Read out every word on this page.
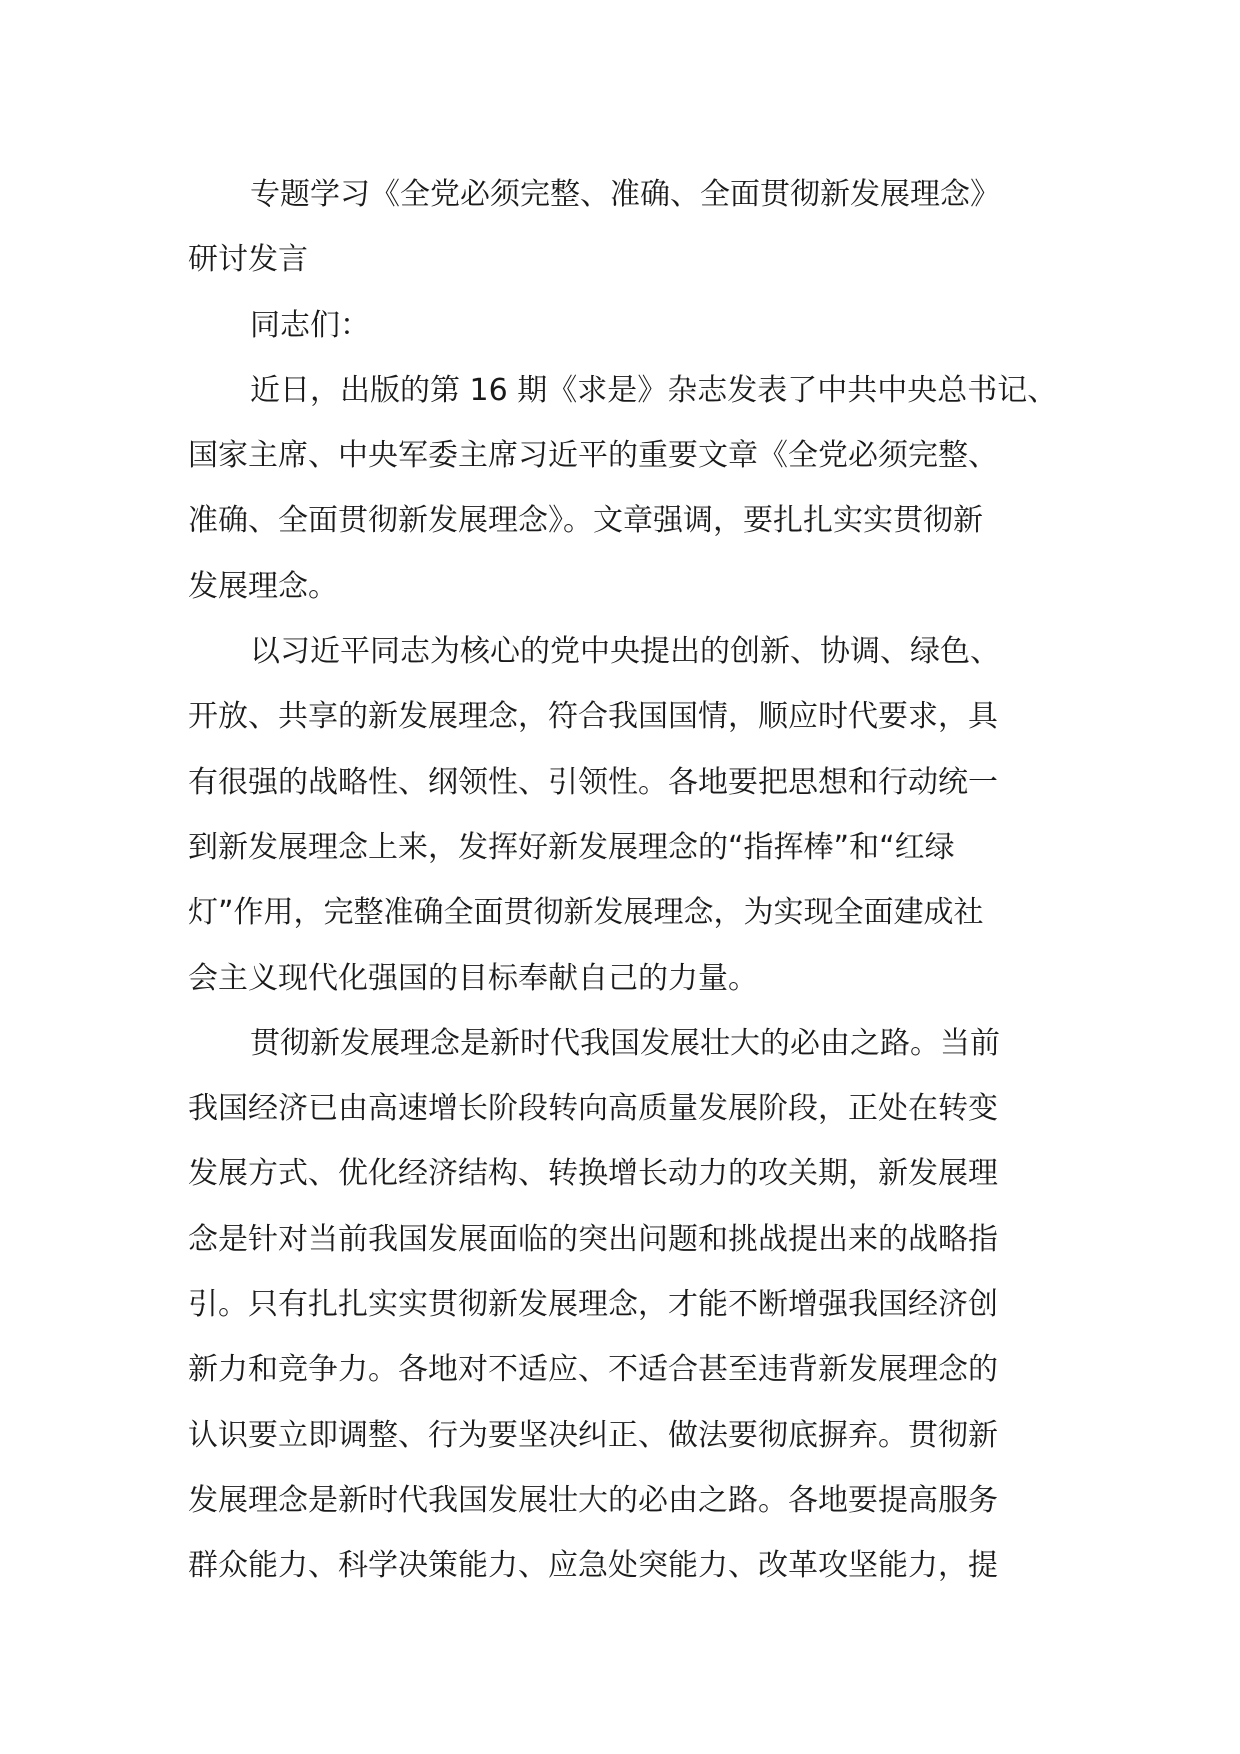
专题学习《全党必须完整、准确、全面贯彻新发展理念》
研讨发言
同志们：
近日，出版的第 16 期《求是》杂志发表了中共中央总书记、
国家主席、中央军委主席习近平的重要文章《全党必须完整、
准确、全面贯彻新发展理念》。文章强调，要扎扎实实贯彻新
发展理念。
以习近平同志为核心的党中央提出的创新、协调、绿色、
开放、共享的新发展理念，符合我国国情，顺应时代要求，具
有很强的战略性、纲领性、引领性。各地要把思想和行动统一
到新发展理念上来，发挥好新发展理念的“指挥棒”和“红绿
灯”作用，完整准确全面贯彻新发展理念，为实现全面建成社
会主义现代化强国的目标奉献自己的力量。
贯彻新发展理念是新时代我国发展壮大的必由之路。当前
我国经济已由高速增长阶段转向高质量发展阶段，正处在转变
发展方式、优化经济结构、转换增长动力的攻关期，新发展理
念是针对当前我国发展面临的突出问题和挑战提出来的战略指
引。只有扎扎实实贯彻新发展理念，才能不断增强我国经济创
新力和竞争力。各地对不适应、不适合甚至违背新发展理念的
认识要立即调整、行为要坚决纠正、做法要彻底摒弃。贯彻新
发展理念是新时代我国发展壮大的必由之路。各地要提高服务
群众能力、科学决策能力、应急处突能力、改革攻坚能力，提
